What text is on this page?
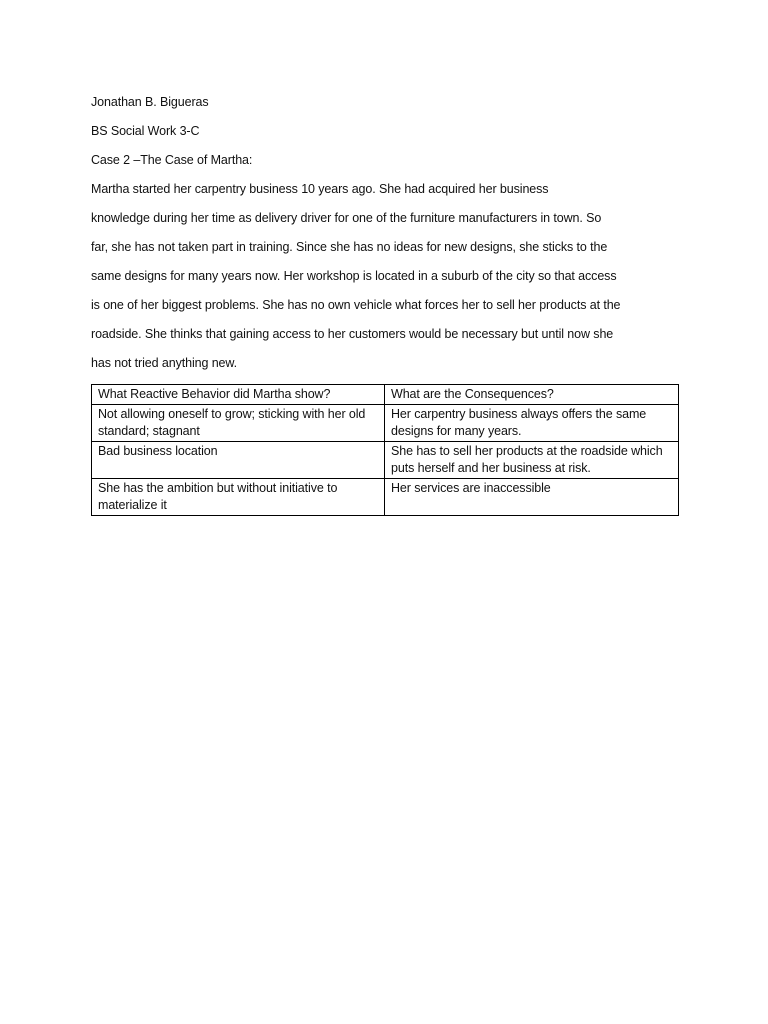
Jonathan B. Bigueras
BS Social Work 3-C
Case 2 –The Case of Martha:
Martha started her carpentry business 10 years ago. She had acquired her business
knowledge during her time as delivery driver for one of the furniture manufacturers in town. So
far, she has not taken part in training. Since she has no ideas for new designs, she sticks to the
same designs for many years now. Her workshop is located in a suburb of the city so that access
is one of her biggest problems. She has no own vehicle what forces her to sell her products at the
roadside. She thinks that gaining access to her customers would be necessary but until now she
has not tried anything new.
What Reactive Behavior did Martha show?	What are the Consequences?
Not allowing oneself to grow; sticking with her old standard; stagnant	Her carpentry business always offers the same designs for many years.
Bad business location	She has to sell her products at the roadside which puts herself and her business at risk.
She has the ambition but without initiative to materialize it	Her services are inaccessible
